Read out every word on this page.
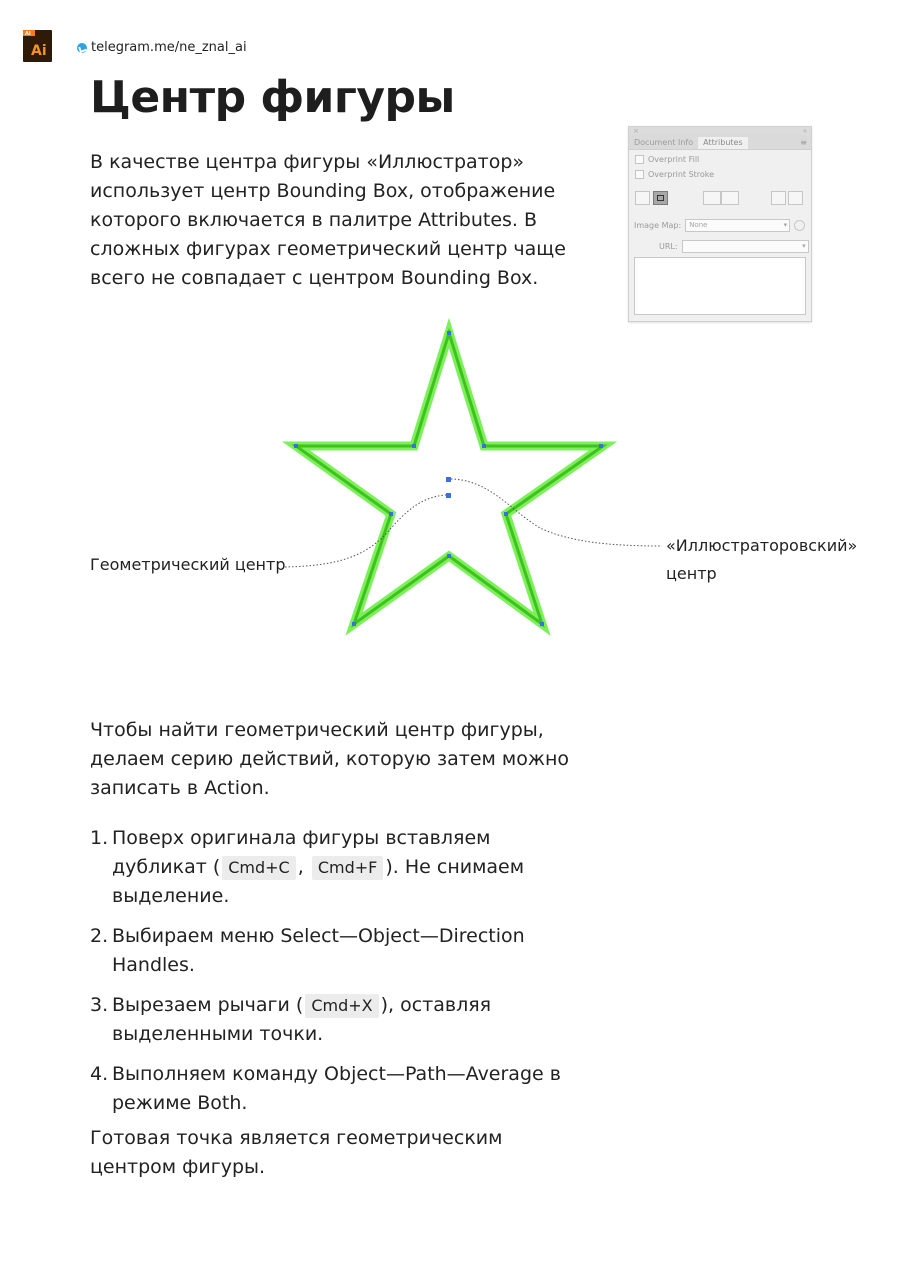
AI
Ai	telegram.me/ne_znal_ai
Центр фигуры

В качестве центра фигуры «Иллюстратор» использует центр Bounding Box, отображение которого включается в палитре Attributes. В сложных фигурах геометрический центр чаще всего не совпадает с центром Bounding Box.

×	«
Document Info	Attributes	≡
Overprint Fill
Overprint Stroke
Image Map:	None ▾
URL:
▾
Геометрический центр
«Иллюстраторовский»
центр

Чтобы найти геометрический центр фигуры, делаем серию действий, которую затем можно записать в Action.

1. Поверх оригинала фигуры вставляем дубликат ( Cmd+C , Cmd+F ). Не снимаем выделение.
2. Выбираем меню Select—Object—Direction Handles.
3. Вырезаем рычаги ( Cmd+X ), оставляя выделенными точки.
4. Выполняем команду Object—Path—Average в режиме Both.

Готовая точка является геометрическим центром фигуры.
